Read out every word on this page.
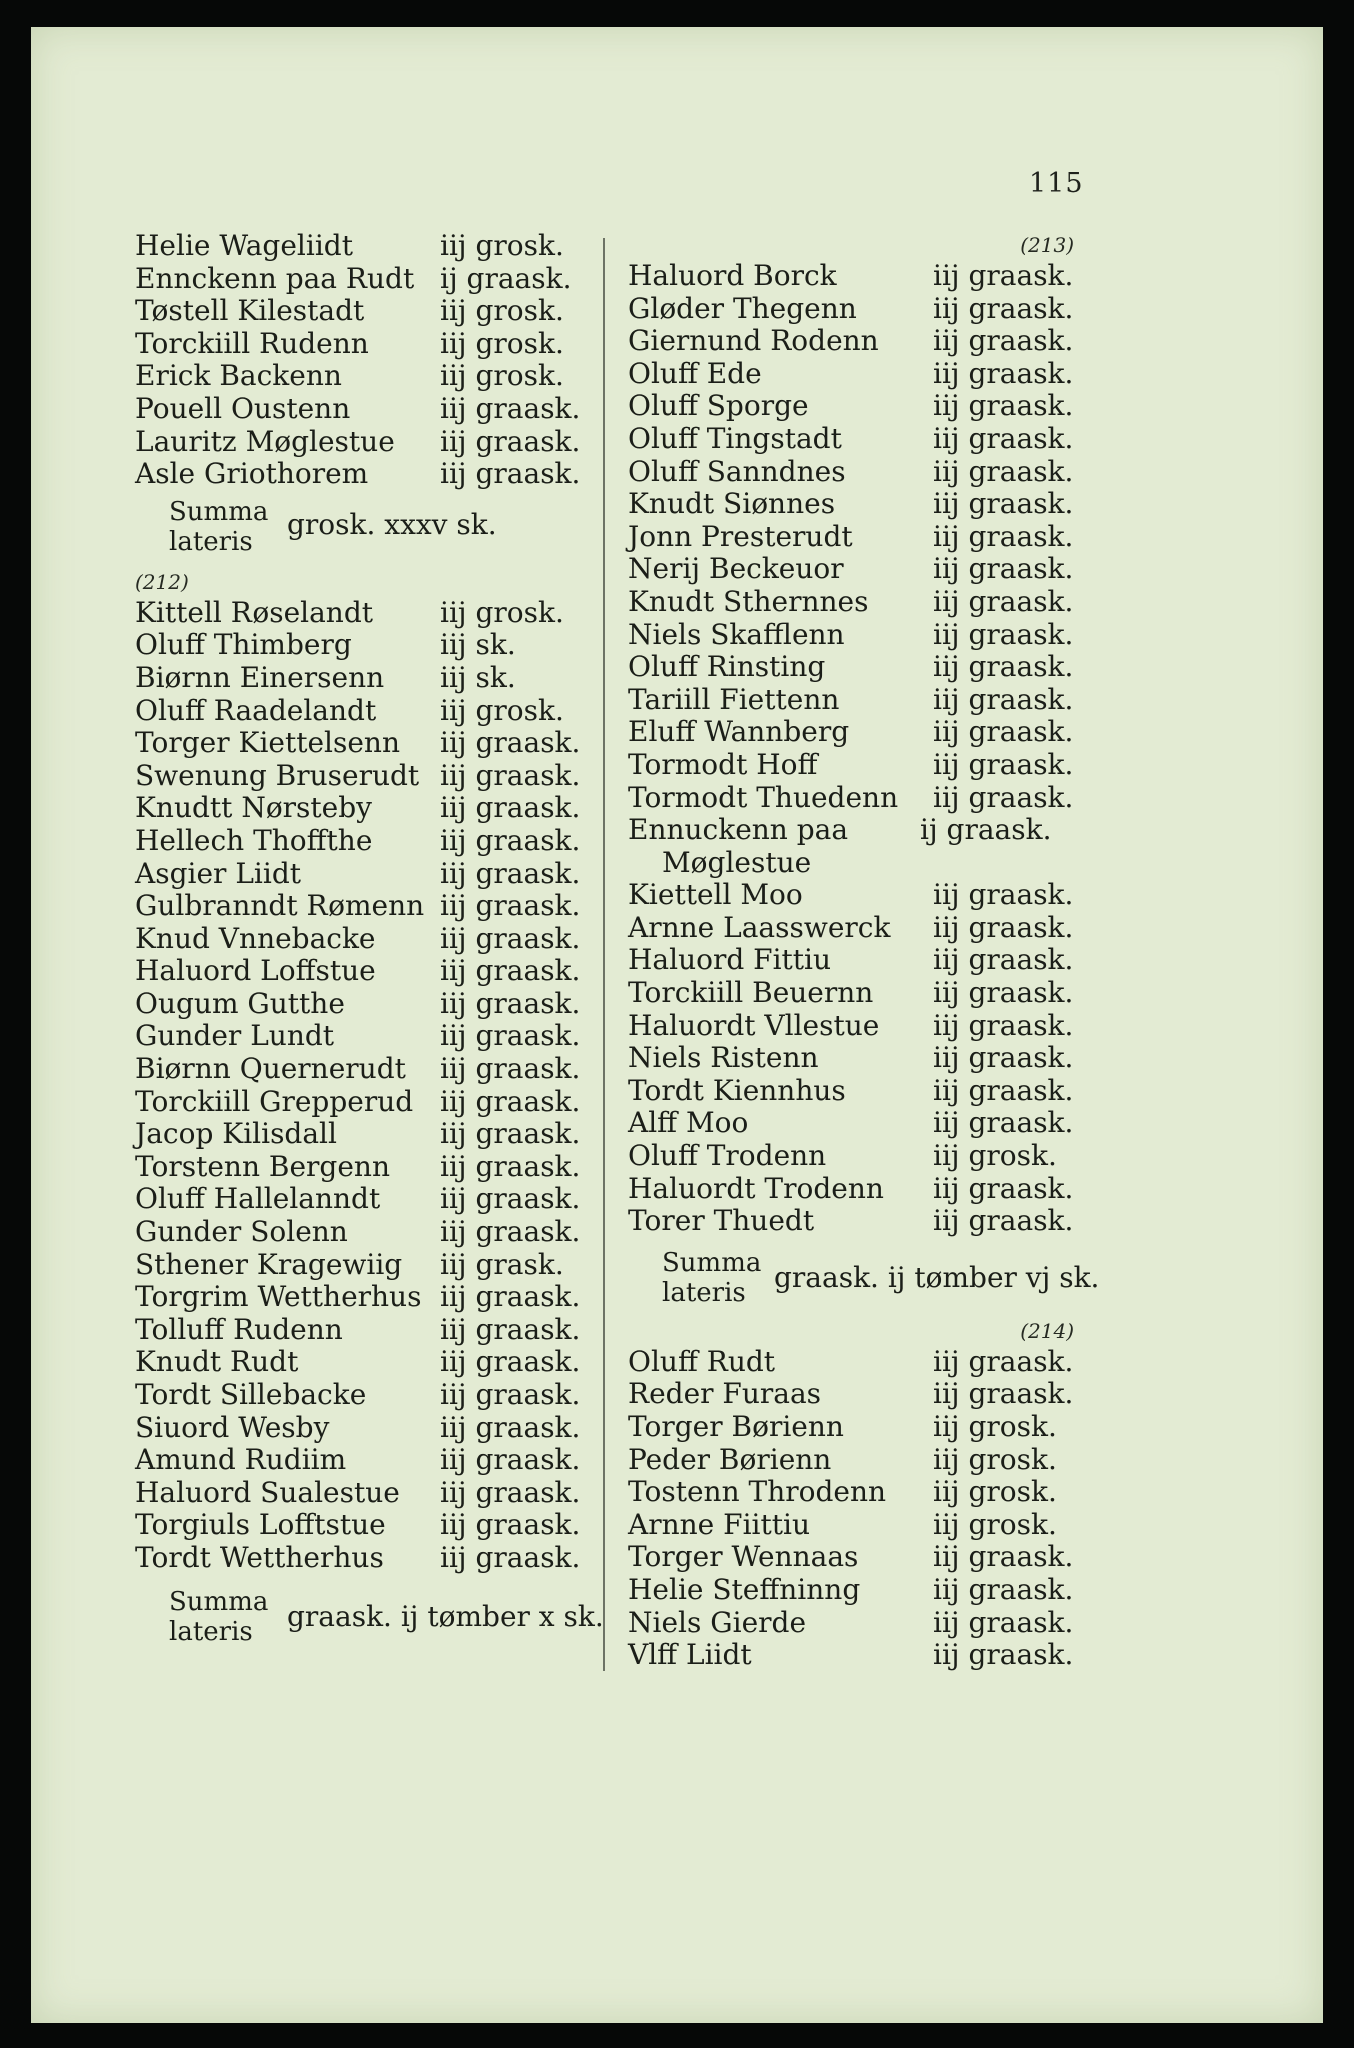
115
Helie Wageliidt	iij grosk.
Ennckenn paa Rudt ij graask.
Tøstell Kilestadt	iij grosk.
Torckiill Rudenn	iij grosk.
Erick Backenn	iij grosk.
Pouell Oustenn	iij graask.
Lauritz Møglestue iij graask.
Asle Griothorem	iij graask.
Summa
lateris
grosk. xxxv sk.
(212)
Kittell Røselandt iij grosk.
Oluff Thimberg	iij sk.
Biørnn Einersenn iij sk.
Oluff Raadelandt iij grosk.
Torger Kiettelsenn iij graask.
Swenung Bruserudt iij graask.
Knudtt Nørsteby iij graask.
Hellech Thoffthe iij graask.
Asgier Liidt	iij graask.
Gulbranndt Rømenn iij graask.
Knud Vnnebacke iij graask.
Haluord Loffstue iij graask.
Ougum Gutthe	iij graask.
Gunder Lundt	iij graask.
Biørnn Quernerudt iij graask.
Torckiill Grepperud iij graask.
Jacop Kilisdall	iij graask.
Torstenn Bergenn iij graask.
Oluff Hallelanndt iij graask.
Gunder Solenn	iij graask.
Sthener Kragewiig iij grask.
Torgrim Wettherhus iij graask.
Tolluff Rudenn	iij graask.
Knudt Rudt	iij graask.
Tordt Sillebacke	iij graask.
Siuord Wesby	iij graask.
Amund Rudiim	iij graask.
Haluord Sualestue iij graask.
Torgiuls Lofftstue iij graask.
Tordt Wettherhus iij graask.
Summa
lateris graask. ij tømber x sk.
(213)
Haluord Borck	iij graask.
Gløder Thegenn	iij graask.
Giernund Rodenn iij graask.
Oluff Ede	iij graask.
Oluff Sporge	iij graask.
Oluff Tingstadt	iij graask.
Oluff Sanndnes	iij graask.
Knudt Siønnes	iij graask.
Jonn Presterudt	iij graask.
Nerij Beckeuor	iij graask.
Knudt Sthernnes iij graask.
Niels Skafflenn	iij graask.
Oluff Rinsting	iij graask.
Tariill Fiettenn	iij graask.
Eluff Wannberg	iij graask.
Tormodt Hoff	iij graask.
Tormodt Thuedenn iij graask.
Ennuckenn paa	ij graask.
Møglestue
Kiettell Moo	iij graask.
Arnne Laasswerck iij graask.
Haluord Fittiu	iij graask.
Torckiill Beuernn iij graask.
Haluordt Vllestue iij graask.
Niels Ristenn	iij graask.
Tordt Kiennhus	iij graask.
Alff Moo	iij graask.
Oluff Trodenn	iij grosk.
Haluordt Trodenn iij graask.
Torer Thuedt	iij graask.
Summa
lateris graask. ij tømber vj sk.
(214)
Oluff Rudt	iij graask.
Reder Furaas	iij graask.
Torger Børienn	iij grosk.
Peder Børienn	iij grosk.
Tostenn Throdenn iij grosk.
Arnne Fiittiu	iij grosk.
Torger Wennaas	iij graask.
Helie Steffninng	iij graask.
Niels Gierde	iij graask.
Vlff Liidt	iij graask.
